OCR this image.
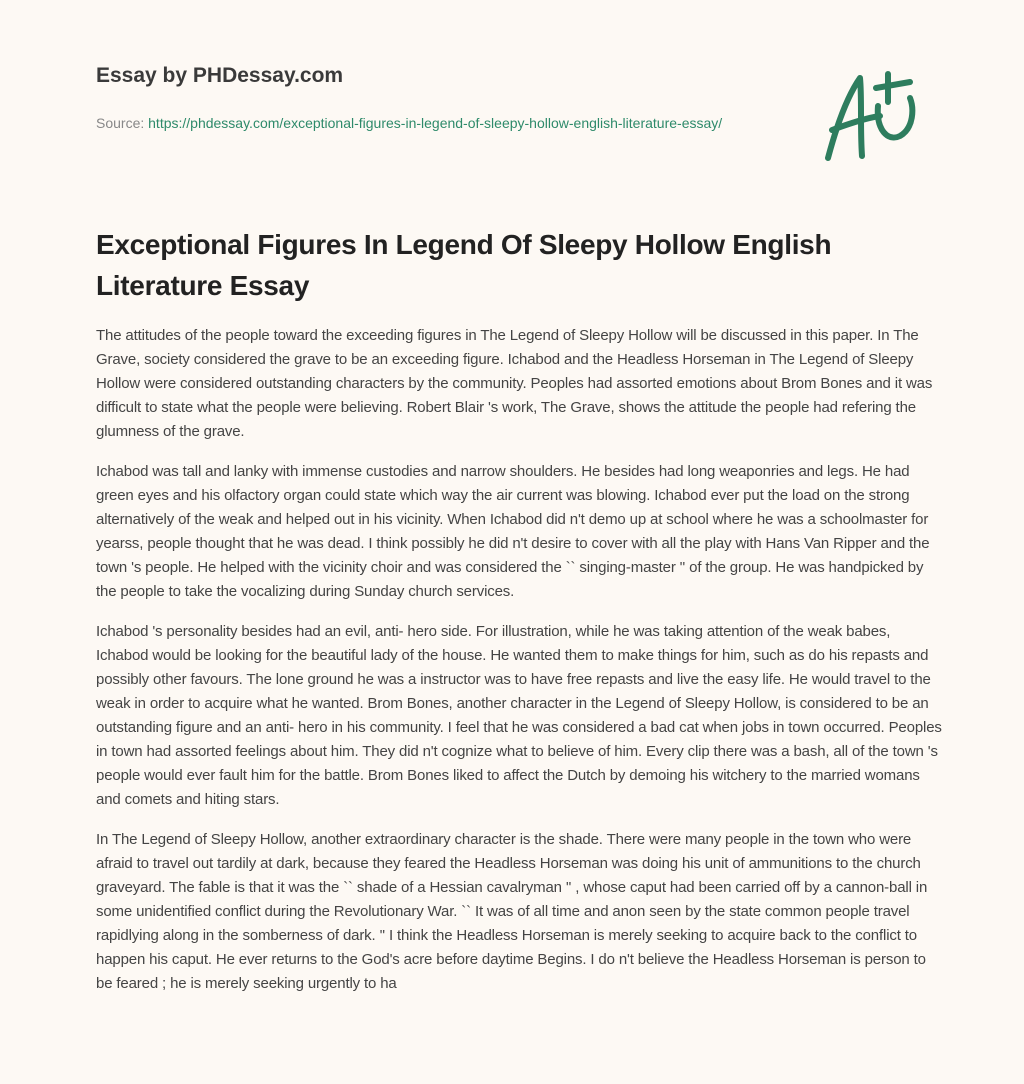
Essay by PHDessay.com
Source: https://phdessay.com/exceptional-figures-in-legend-of-sleepy-hollow-english-literature-essay/
Exceptional Figures In Legend Of Sleepy Hollow English Literature Essay

The attitudes of the people toward the exceeding figures in The Legend of Sleepy Hollow will be discussed in this paper. In The Grave, society considered the grave to be an exceeding figure. Ichabod and the Headless Horseman in The Legend of Sleepy Hollow were considered outstanding characters by the community. Peoples had assorted emotions about Brom Bones and it was difficult to state what the people were believing. Robert Blair 's work, The Grave, shows the attitude the people had refering the glumness of the grave.

Ichabod was tall and lanky with immense custodies and narrow shoulders. He besides had long weaponries and legs. He had green eyes and his olfactory organ could state which way the air current was blowing. Ichabod ever put the load on the strong alternatively of the weak and helped out in his vicinity. When Ichabod did n't demo up at school where he was a schoolmaster for yearss, people thought that he was dead. I think possibly he did n't desire to cover with all the play with Hans Van Ripper and the town 's people. He helped with the vicinity choir and was considered the `` singing-master '' of the group. He was handpicked by the people to take the vocalizing during Sunday church services.

Ichabod 's personality besides had an evil, anti- hero side. For illustration, while he was taking attention of the weak babes, Ichabod would be looking for the beautiful lady of the house. He wanted them to make things for him, such as do his repasts and possibly other favours. The lone ground he was a instructor was to have free repasts and live the easy life. He would travel to the weak in order to acquire what he wanted. Brom Bones, another character in the Legend of Sleepy Hollow, is considered to be an outstanding figure and an anti- hero in his community. I feel that he was considered a bad cat when jobs in town occurred. Peoples in town had assorted feelings about him. They did n't cognize what to believe of him. Every clip there was a bash, all of the town 's people would ever fault him for the battle. Brom Bones liked to affect the Dutch by demoing his witchery to the married womans and comets and hiting stars.

In The Legend of Sleepy Hollow, another extraordinary character is the shade. There were many people in the town who were afraid to travel out tardily at dark, because they feared the Headless Horseman was doing his unit of ammunitions to the church graveyard. The fable is that it was the `` shade of a Hessian cavalryman '' , whose caput had been carried off by a cannon-ball in some unidentified conflict during the Revolutionary War. `` It was of all time and anon seen by the state common people travel rapidlying along in the somberness of dark. '' I think the Headless Horseman is merely seeking to acquire back to the conflict to happen his caput. He ever returns to the God's acre before daytime Begins. I do n't believe the Headless Horseman is person to be feared ; he is merely seeking urgently to ha
